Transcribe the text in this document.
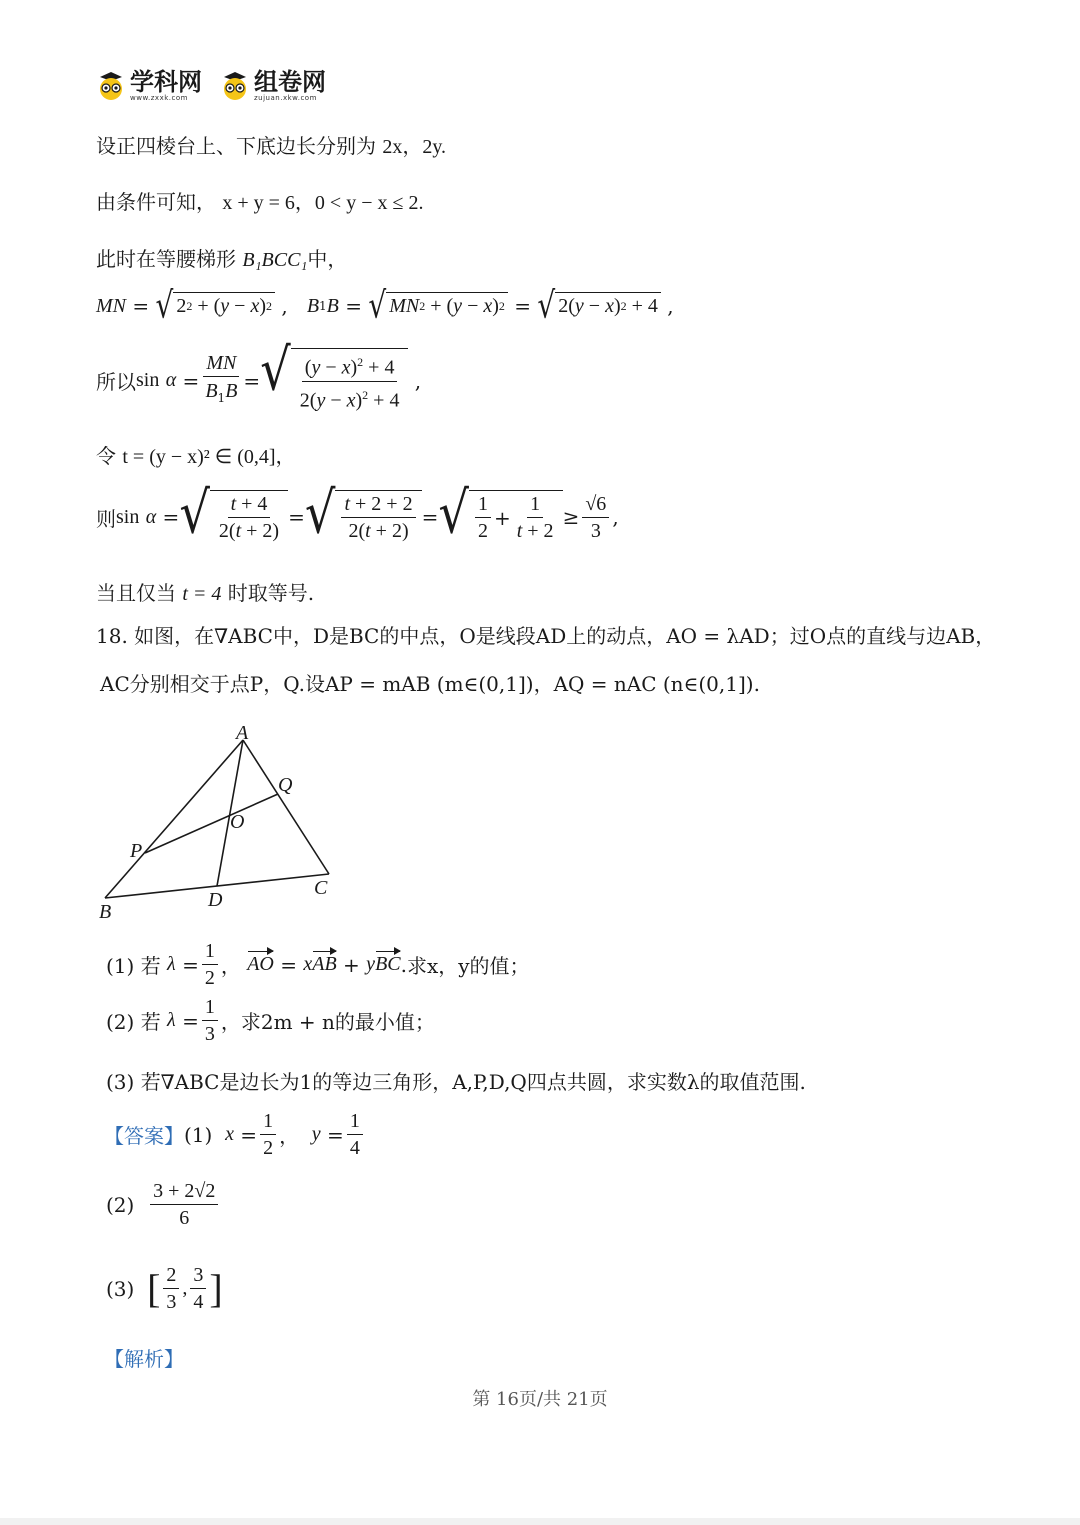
学科网
www.zxxk.com
组卷网
zujuan.xkw.com
设正四棱台上、下底边长分别为 2x，2y.
由条件可知， x + y = 6，0 < y − x ≤ 2.
此时在等腰梯形 B₁BCC₁中，
MN = √ 2 2 + ( y − x ) 2 , B 1 B = √ MN 2 + ( y − x ) 2 = √ 2( y − x ) 2 + 4 ,
所以 sin
$\alpha = \frac{MN}{B_1B}$ = √ $\frac{(y - x)^2 + 4}{2(y - x)^2 + 4}$ ,
令 t = (y − x)² ∈ (0,4]，
则 sin
α = √ $\frac{t + 4}{2(t + 2)}$ = √ $\frac{t + 2 + 2}{2(t + 2)}$ = √ $\frac{1}{2} + \frac{1}{t + 2} \ge \frac{√6}{3}$ ,
当且仅当 t = 4 时取等号.
18. 如图，在∇ABC中，D是BC的中点，O是线段AD上的动点，AO = λAD；过O点的直线与边AB，
AC分别相交于点P，Q.设AP = mAB (m∈(0,1])，AQ = nAC (n∈(0,1]).
A
B
C
D
O
P
Q
(1) 若
$\lambda = \frac{1}{2}$ ， AO = x AB + y BC . 求x，y的值；
(2) 若
$\lambda = \frac{1}{3}$ ， 求2m + n的最小值；
(3) 若∇ABC是边长为1的等边三角形，A,P,D,Q四点共圆，求实数λ的取值范围.
【答案】 (1)
$x = \frac{1}{2}$ ， $y = \frac{1}{4}$
(2)
$\frac{3 + 2√2}{6}$
(3)
[ $\frac{2}{3}$ , $\frac{3}{4}$ ]
【解析】
第 16页/共 21页
